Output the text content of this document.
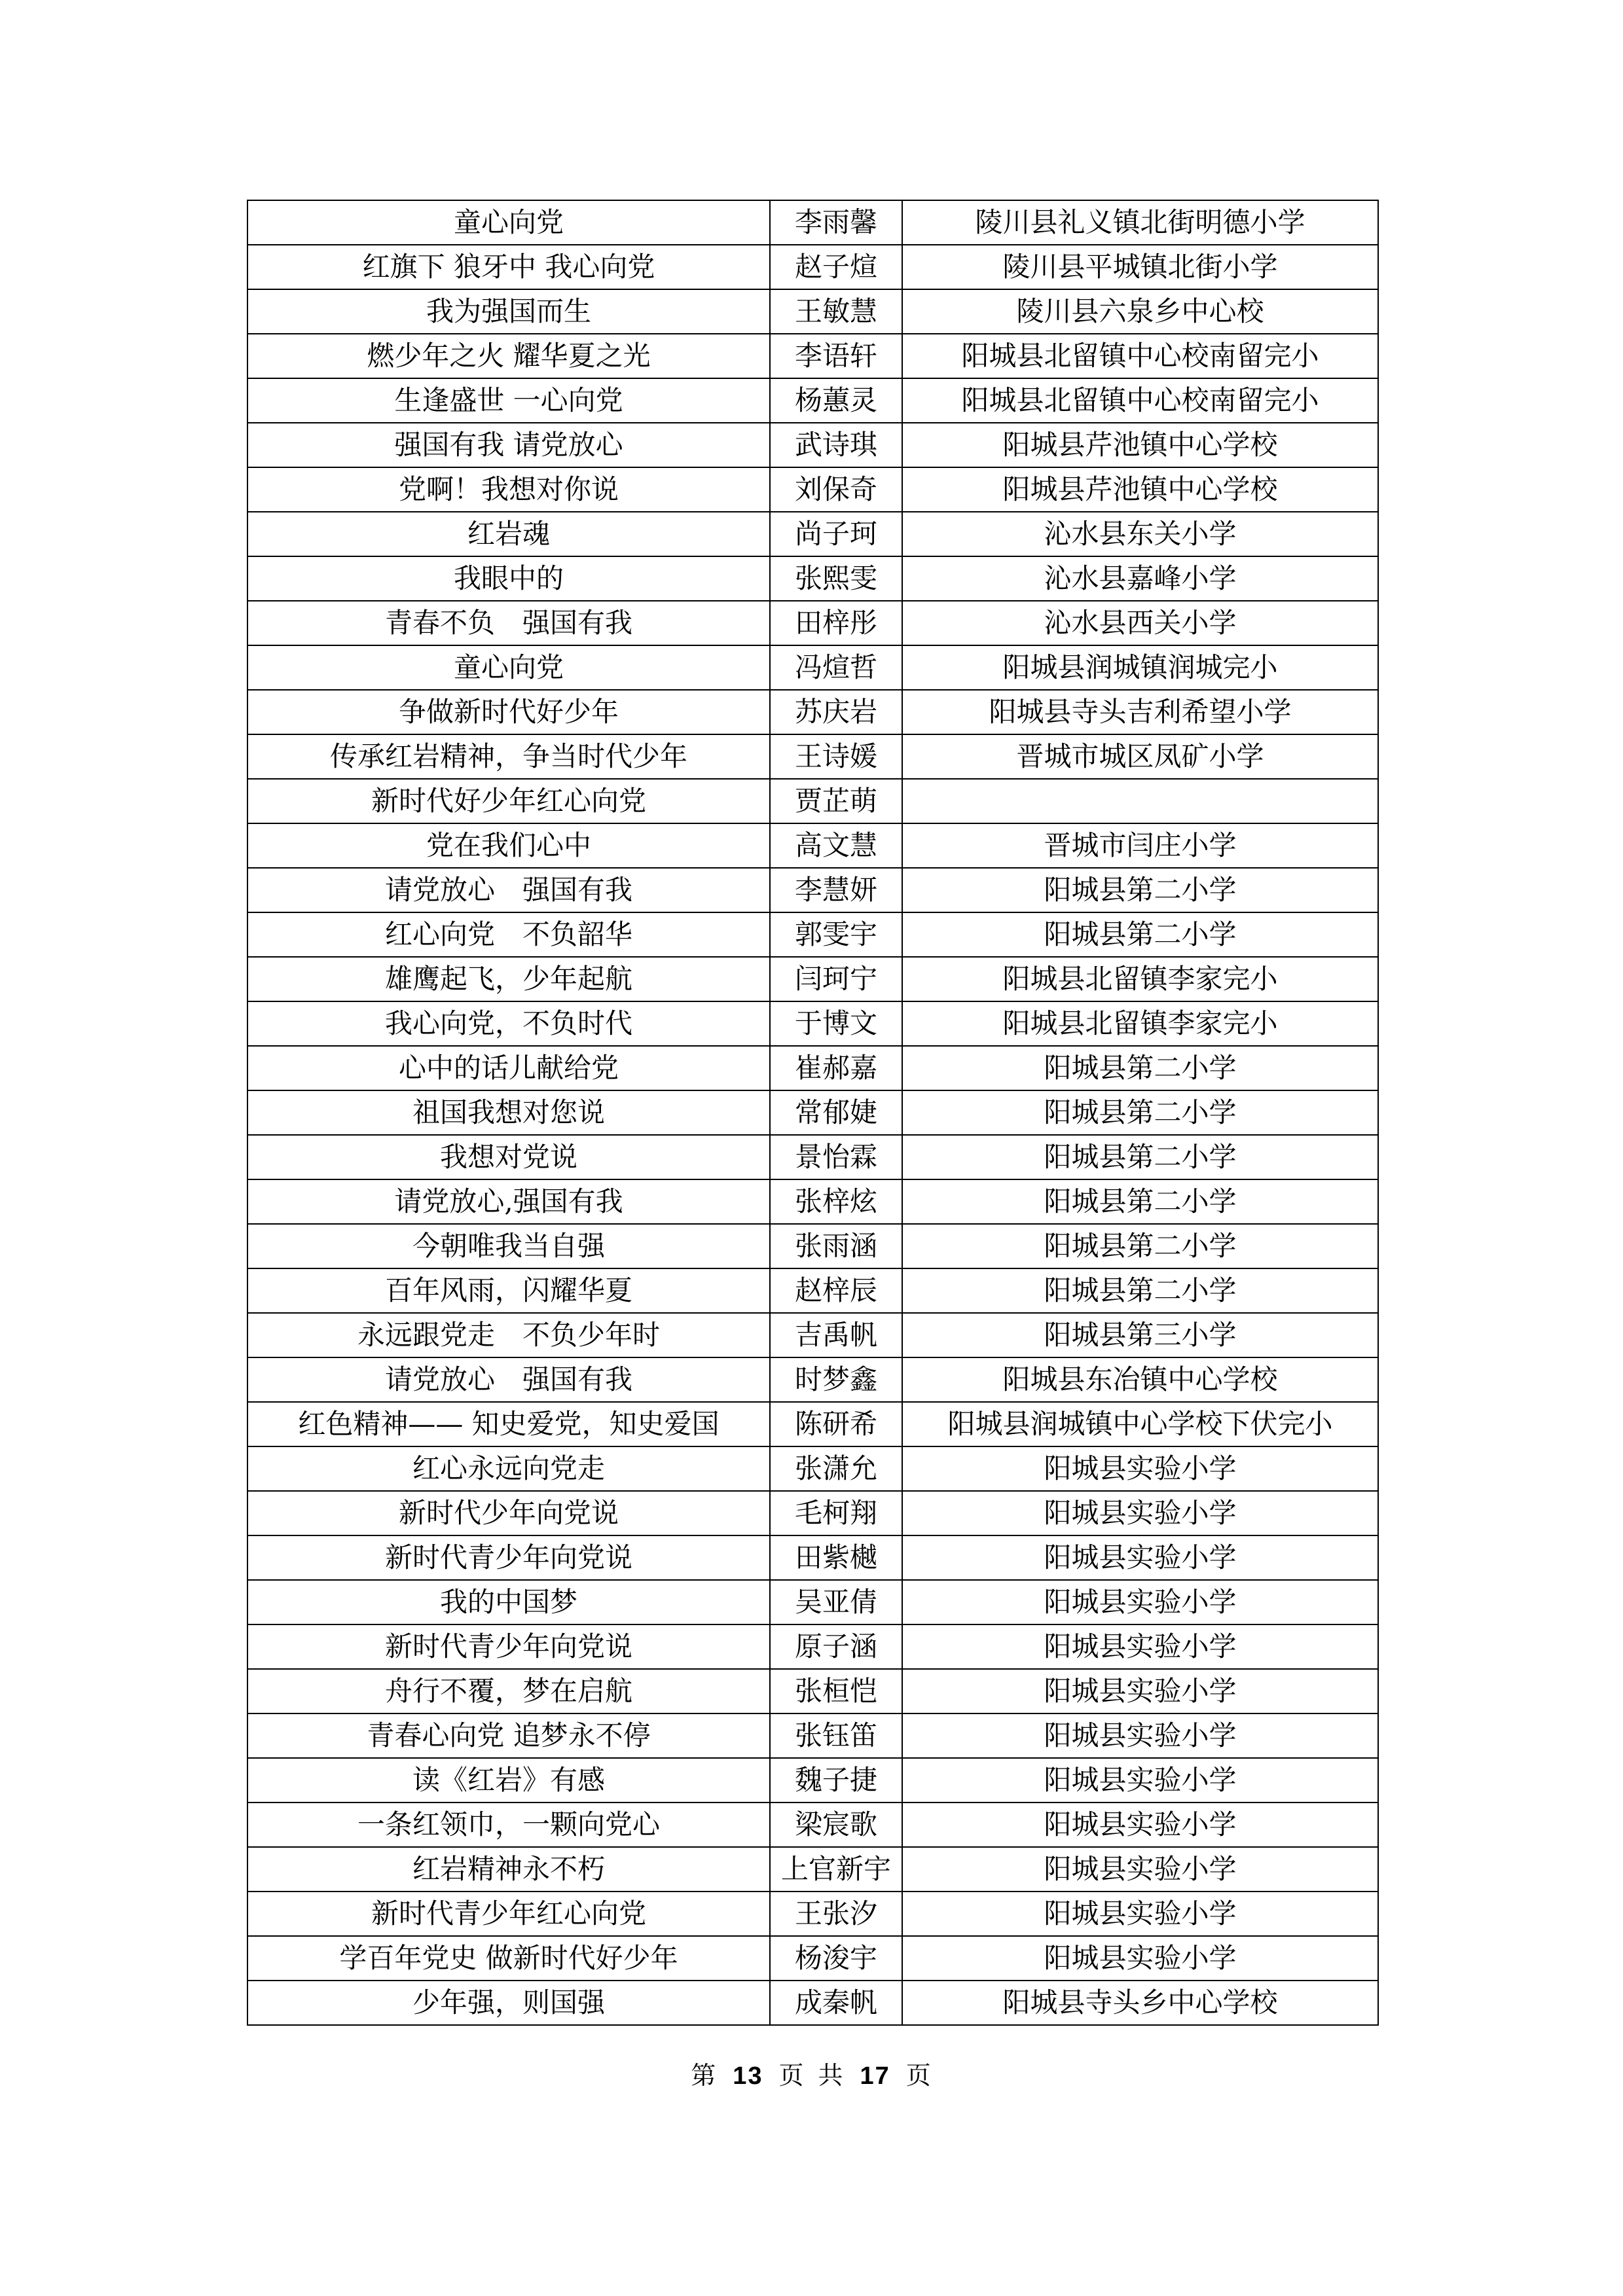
童心向党	李雨馨	陵川县礼义镇北街明德小学
红旗下 狼牙中 我心向党	赵子煊	陵川县平城镇北街小学
我为强国而生	王敏慧	陵川县六泉乡中心校
燃少年之火 耀华夏之光	李语轩	阳城县北留镇中心校南留完小
生逢盛世 一心向党	杨蕙灵	阳城县北留镇中心校南留完小
强国有我 请党放心	武诗琪	阳城县芹池镇中心学校
党啊！我想对你说	刘保奇	阳城县芹池镇中心学校
红岩魂	尚子珂	沁水县东关小学
我眼中的	张熙雯	沁水县嘉峰小学
青春不负　强国有我	田梓彤	沁水县西关小学
童心向党	冯煊哲	阳城县润城镇润城完小
争做新时代好少年	苏庆岩	阳城县寺头吉利希望小学
传承红岩精神，争当时代少年	王诗媛	晋城市城区凤矿小学
新时代好少年红心向党	贾芷萌	
党在我们心中	高文慧	晋城市闫庄小学
请党放心　强国有我	李慧妍	阳城县第二小学
红心向党　不负韶华	郭雯宇	阳城县第二小学
雄鹰起飞，少年起航	闫珂宁	阳城县北留镇李家完小
我心向党，不负时代	于博文	阳城县北留镇李家完小
心中的话儿献给党	崔郝嘉	阳城县第二小学
祖国我想对您说	常郁婕	阳城县第二小学
我想对党说	景怡霖	阳城县第二小学
请党放心,强国有我	张梓炫	阳城县第二小学
今朝唯我当自强	张雨涵	阳城县第二小学
百年风雨，闪耀华夏	赵梓辰	阳城县第二小学
永远跟党走　不负少年时	吉禹帆	阳城县第三小学
请党放心　强国有我	时梦鑫	阳城县东冶镇中心学校
红色精神—— 知史爱党，知史爱国	陈研希	阳城县润城镇中心学校下伏完小
红心永远向党走	张潇允	阳城县实验小学
新时代少年向党说	毛柯翔	阳城县实验小学
新时代青少年向党说	田紫樾	阳城县实验小学
我的中国梦	吴亚倩	阳城县实验小学
新时代青少年向党说	原子涵	阳城县实验小学
舟行不覆，梦在启航	张桓恺	阳城县实验小学
青春心向党 追梦永不停	张钰笛	阳城县实验小学
读《红岩》有感	魏子捷	阳城县实验小学
一条红领巾，一颗向党心	梁宸歌	阳城县实验小学
红岩精神永不朽	上官新宇	阳城县实验小学
新时代青少年红心向党	王张汐	阳城县实验小学
学百年党史 做新时代好少年	杨浚宇	阳城县实验小学
少年强，则国强	成秦帆	阳城县寺头乡中心学校
第 13 页 共 17 页
